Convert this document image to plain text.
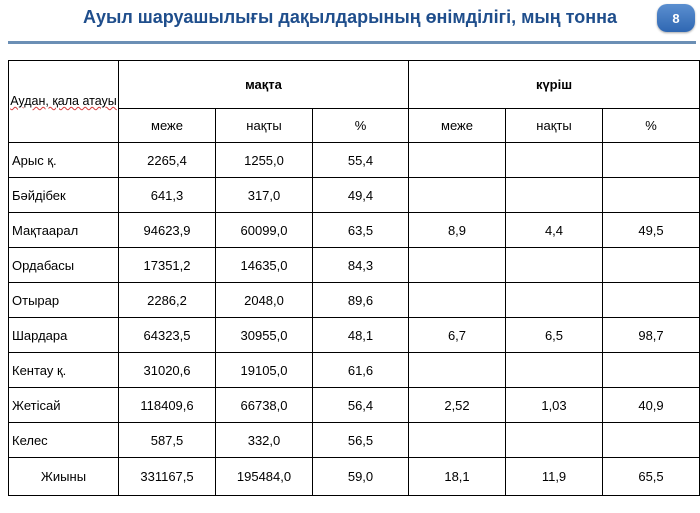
Ауыл шаруашылығы дақылдарының өнімділігі, мың тонна	8
Аудан, қала атауы	мақта			күріш		
	меже	нақты	%	меже	нақты	%
Арыс қ.	2265,4	1255,0	55,4			
Бәйдібек	641,3	317,0	49,4			
Мақтаарал	94623,9	60099,0	63,5	8,9	4,4	49,5
Ордабасы	17351,2	14635,0	84,3			
Отырар	2286,2	2048,0	89,6			
Шардара	64323,5	30955,0	48,1	6,7	6,5	98,7
Кентау қ.	31020,6	19105,0	61,6			
Жетісай	118409,6	66738,0	56,4	2,52	1,03	40,9
Келес	587,5	332,0	56,5			
Жиыны	331167,5	195484,0	59,0	18,1	11,9	65,5
